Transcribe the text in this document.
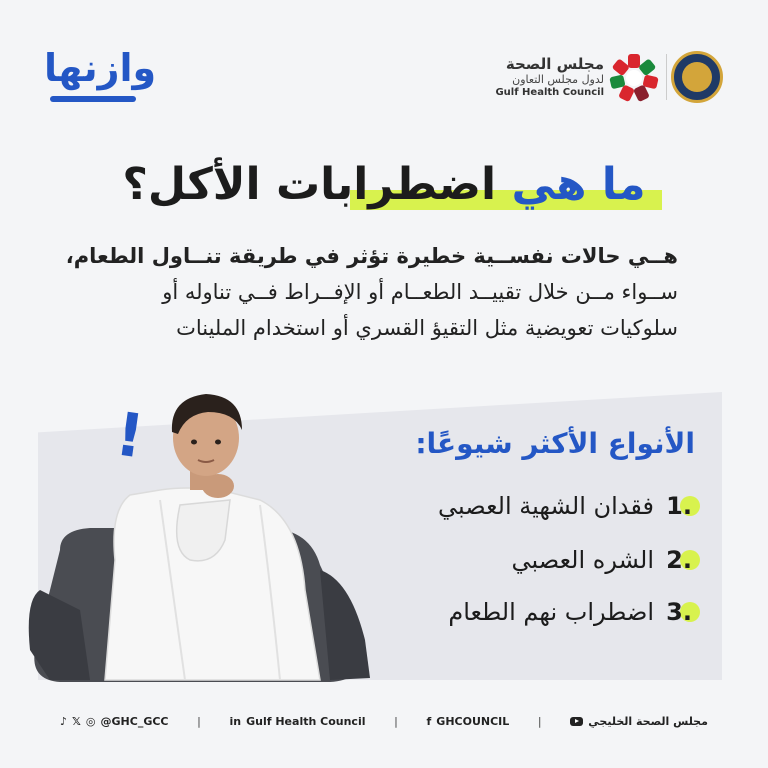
وازنها	مجلس الصحة
لدول مجلس التعاون
Gulf Health Council
ما هي اضطرابات الأكل؟
هــي حالات نفســية خطيرة تؤثر في طريقة تنــاول الطعام،
ســواء مــن خلال تقييــد الطعــام أو الإفــراط فــي تناوله أو
سلوكيات تعويضية مثل التقيؤ القسري أو استخدام الملينات
!	الأنواع الأكثر شيوعًا:
1.
فقدان الشهية العصبي
2.
الشره العصبي
3.
اضطراب نهم الطعام
♪ 𝕏 ◎ @GHC_GCC	|	in Gulf Health Council	|	f GHCOUNCIL	|	مجلس الصحة الخليجي
